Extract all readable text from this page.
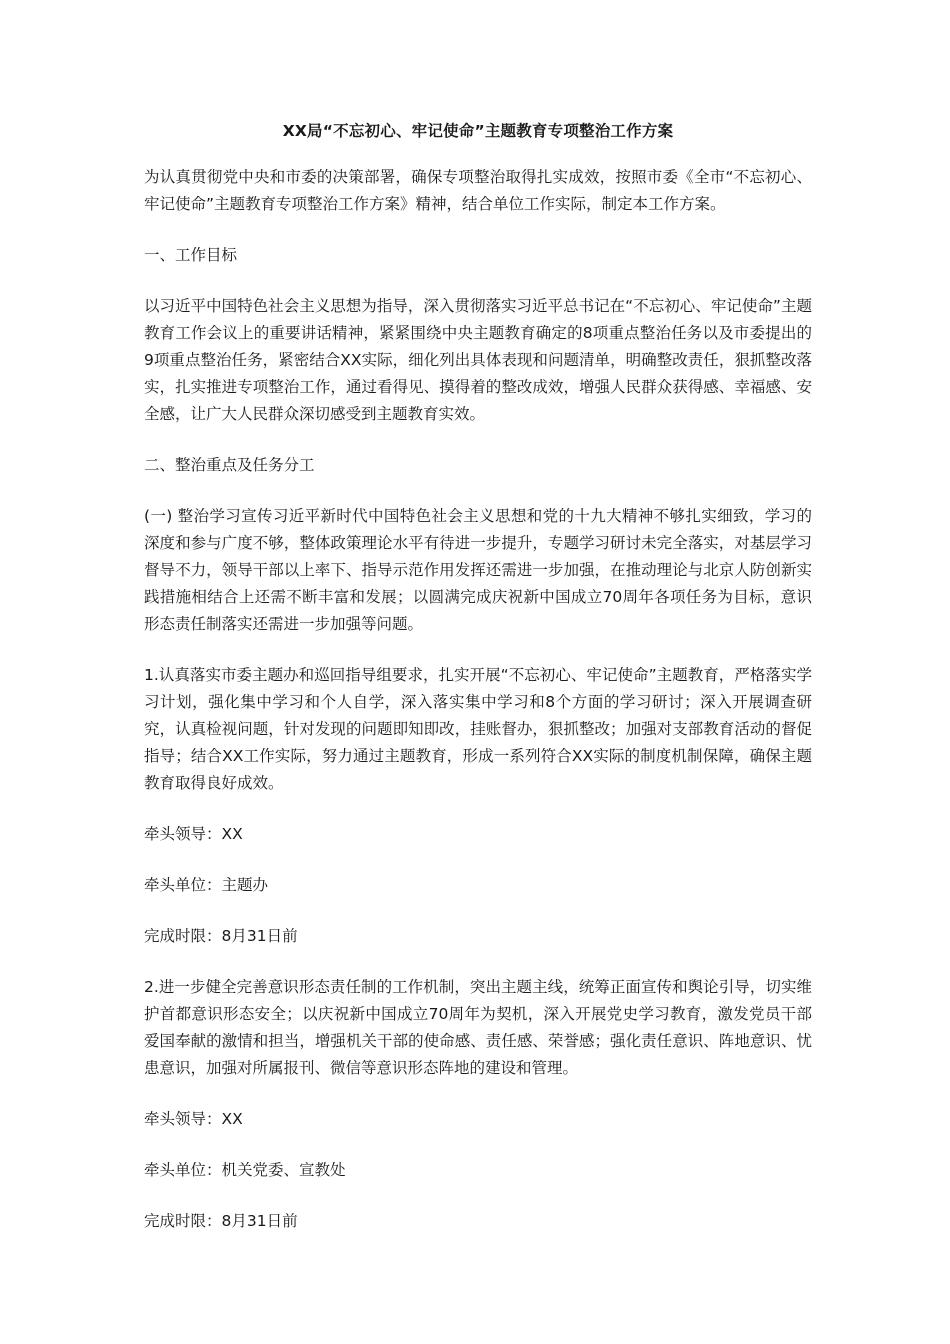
XX局“不忘初心、牢记使命”主题教育专项整治工作方案

为认真贯彻党中央和市委的决策部署，确保专项整治取得扎实成效，按照市委《全市“不忘初心、牢记使命”主题教育专项整治工作方案》精神，结合单位工作实际，制定本工作方案。

一、工作目标

以习近平中国特色社会主义思想为指导，深入贯彻落实习近平总书记在“不忘初心、牢记使命”主题教育工作会议上的重要讲话精神，紧紧围绕中央主题教育确定的8项重点整治任务以及市委提出的9项重点整治任务，紧密结合XX实际，细化列出具体表现和问题清单，明确整改责任，狠抓整改落实，扎实推进专项整治工作，通过看得见、摸得着的整改成效，增强人民群众获得感、幸福感、安全感，让广大人民群众深切感受到主题教育实效。

二、整治重点及任务分工

(一) 整治学习宣传习近平新时代中国特色社会主义思想和党的十九大精神不够扎实细致，学习的深度和参与广度不够，整体政策理论水平有待进一步提升，专题学习研讨未完全落实，对基层学习督导不力，领导干部以上率下、指导示范作用发挥还需进一步加强，在推动理论与北京人防创新实践措施相结合上还需不断丰富和发展；以圆满完成庆祝新中国成立70周年各项任务为目标，意识形态责任制落实还需进一步加强等问题。

1.认真落实市委主题办和巡回指导组要求，扎实开展“不忘初心、牢记使命”主题教育，严格落实学习计划，强化集中学习和个人自学，深入落实集中学习和8个方面的学习研讨；深入开展调查研究，认真检视问题，针对发现的问题即知即改，挂账督办，狠抓整改；加强对支部教育活动的督促指导；结合XX工作实际，努力通过主题教育，形成一系列符合XX实际的制度机制保障，确保主题教育取得良好成效。

牵头领导：XX

牵头单位：主题办

完成时限：8月31日前

2.进一步健全完善意识形态责任制的工作机制，突出主题主线，统筹正面宣传和舆论引导，切实维护首都意识形态安全；以庆祝新中国成立70周年为契机，深入开展党史学习教育，激发党员干部爱国奉献的激情和担当，增强机关干部的使命感、责任感、荣誉感；强化责任意识、阵地意识、忧患意识，加强对所属报刊、微信等意识形态阵地的建设和管理。

牵头领导：XX

牵头单位：机关党委、宣教处

完成时限：8月31日前
